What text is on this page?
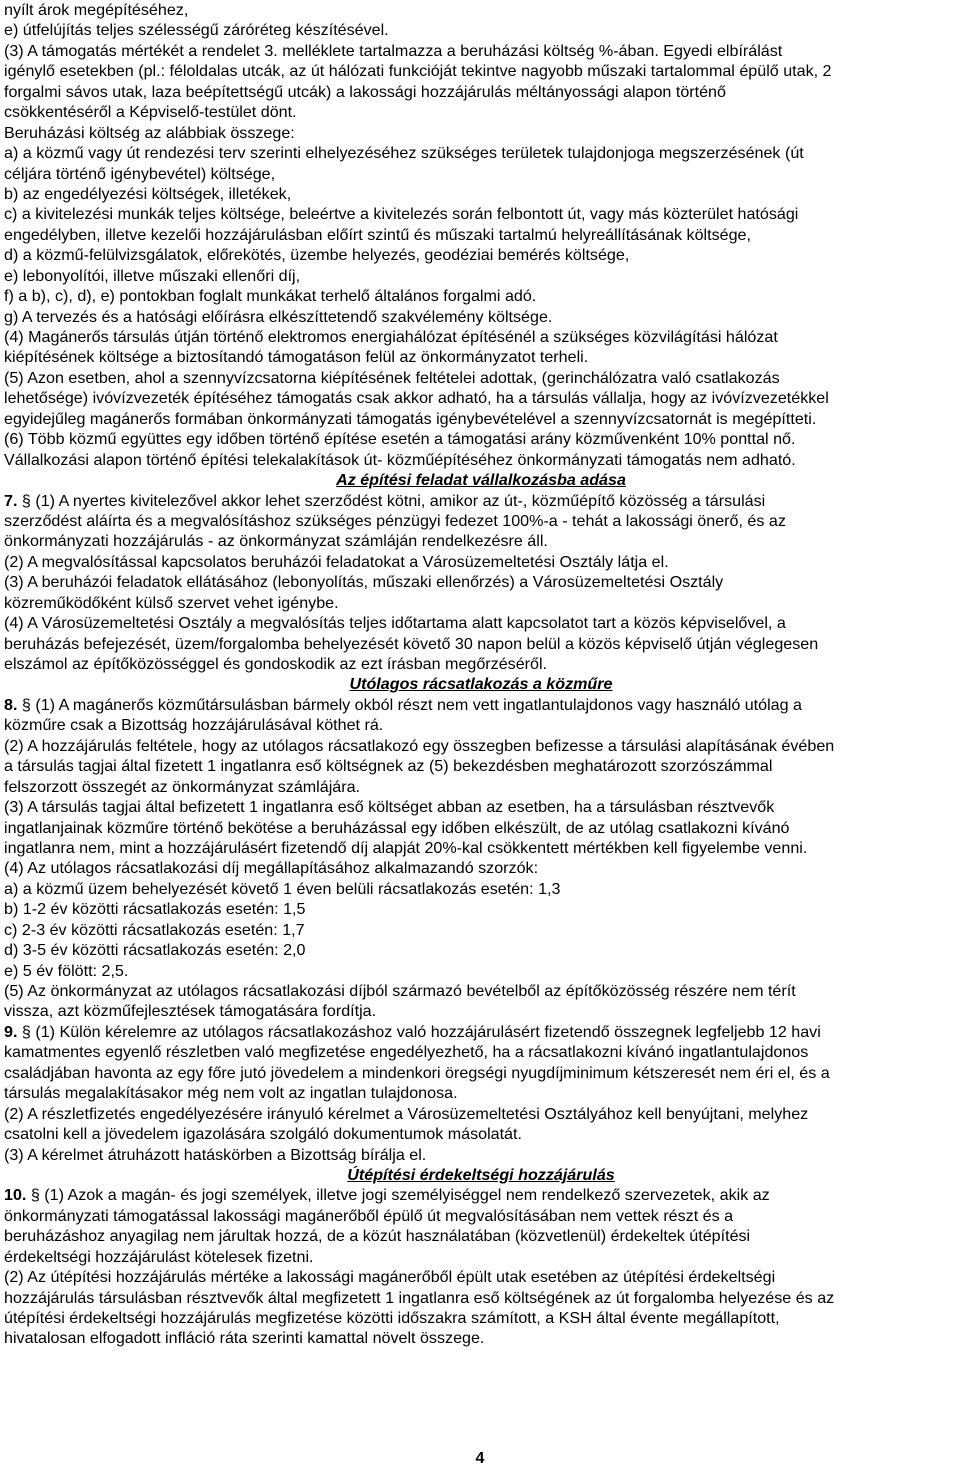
nyílt árok megépítéséhez,
e) útfelújítás teljes szélességű záróréteg készítésével.
(3) A támogatás mértékét a rendelet 3. melléklete tartalmazza a beruházási költség %-ában. Egyedi elbírálást
igénylő esetekben (pl.: féloldalas utcák, az út hálózati funkcióját tekintve nagyobb műszaki tartalommal épülő utak, 2
forgalmi sávos utak, laza beépítettségű utcák) a lakossági hozzájárulás méltányossági alapon történő
csökkentéséről a Képviselő-testület dönt.
Beruházási költség az alábbiak összege:
a) a közmű vagy út rendezési terv szerinti elhelyezéséhez szükséges területek tulajdonjoga megszerzésének (út
céljára történő igénybevétel) költsége,
b) az engedélyezési költségek, illetékek,
c) a kivitelezési munkák teljes költsége, beleértve a kivitelezés során felbontott út, vagy más közterület hatósági
engedélyben, illetve kezelői hozzájárulásban előírt szintű és műszaki tartalmú helyreállításának költsége,
d) a közmű-felülvizsgálatok, előrekötés, üzembe helyezés, geodéziai bemérés költsége,
e) lebonyolítói, illetve műszaki ellenőri díj,
f) a b), c), d), e) pontokban foglalt munkákat terhelő általános forgalmi adó.
g) A tervezés és a hatósági előírásra elkészíttetendő szakvélemény költsége.
(4) Magánerős társulás útján történő elektromos energiahálózat építésénél a szükséges közvilágítási hálózat
kiépítésének költsége a biztosítandó támogatáson felül az önkormányzatot terheli.
(5) Azon esetben, ahol a szennyvízcsatorna kiépítésének feltételei adottak, (gerinchálózatra való csatlakozás
lehetősége) ivóvízvezeték építéséhez támogatás csak akkor adható, ha a társulás vállalja, hogy az ivóvízvezetékkel
egyidejűleg magánerős formában önkormányzati támogatás igénybevételével a szennyvízcsatornát is megépítteti.
(6) Több közmű együttes egy időben történő építése esetén a támogatási arány közművenként 10% ponttal nő.
Vállalkozási alapon történő építési telekalakítások út- közműépítéséhez önkormányzati támogatás nem adható.
Az építési feladat vállalkozásba adása
7. § (1) A nyertes kivitelezővel akkor lehet szerződést kötni, amikor az út-, közműépítő közösség a társulási
szerződést aláírta és a megvalósításhoz szükséges pénzügyi fedezet 100%-a - tehát a lakossági önerő, és az
önkormányzati hozzájárulás - az önkormányzat számláján rendelkezésre áll.
(2) A megvalósítással kapcsolatos beruházói feladatokat a Városüzemeltetési Osztály látja el.
(3) A beruházói feladatok ellátásához (lebonyolítás, műszaki ellenőrzés) a Városüzemeltetési Osztály
közreműködőként külső szervet vehet igénybe.
(4) A Városüzemeltetési Osztály a megvalósítás teljes időtartama alatt kapcsolatot tart a közös képviselővel, a
beruházás befejezését, üzem/forgalomba behelyezését követő 30 napon belül a közös képviselő útján véglegesen
elszámol az építőközösséggel és gondoskodik az ezt írásban megőrzéséről.
Utólagos rácsatlakozás a közműre
8. § (1) A magánerős közműtársulásban bármely okból részt nem vett ingatlantulajdonos vagy használó utólag a
közműre csak a Bizottság hozzájárulásával köthet rá.
(2) A hozzájárulás feltétele, hogy az utólagos rácsatlakozó egy összegben befizesse a társulási alapításának évében
a társulás tagjai által fizetett 1 ingatlanra eső költségnek az (5) bekezdésben meghatározott szorzószámmal
felszorzott összegét az önkormányzat számlájára.
(3) A társulás tagjai által befizetett 1 ingatlanra eső költséget abban az esetben, ha a társulásban résztvevők
ingatlanjainak közműre történő bekötése a beruházással egy időben elkészült, de az utólag csatlakozni kívánó
ingatlanra nem, mint a hozzájárulásért fizetendő díj alapját 20%-kal csökkentett mértékben kell figyelembe venni.
(4) Az utólagos rácsatlakozási díj megállapításához alkalmazandó szorzók:
a) a közmű üzem behelyezését követő 1 éven belüli rácsatlakozás esetén: 1,3
b) 1-2 év közötti rácsatlakozás esetén: 1,5
c) 2-3 év közötti rácsatlakozás esetén: 1,7
d) 3-5 év közötti rácsatlakozás esetén: 2,0
e) 5 év fölött: 2,5.
(5) Az önkormányzat az utólagos rácsatlakozási díjból származó bevételből az építőközösség részére nem térít
vissza, azt közműfejlesztések támogatására fordítja.
9. § (1) Külön kérelemre az utólagos rácsatlakozáshoz való hozzájárulásért fizetendő összegnek legfeljebb 12 havi
kamatmentes egyenlő részletben való megfizetése engedélyezhető, ha a rácsatlakozni kívánó ingatlantulajdonos
családjában havonta az egy főre jutó jövedelem a mindenkori öregségi nyugdíjminimum kétszeresét nem éri el, és a
társulás megalakításakor még nem volt az ingatlan tulajdonosa.
(2) A részletfizetés engedélyezésére irányuló kérelmet a Városüzemeltetési Osztályához kell benyújtani, melyhez
csatolni kell a jövedelem igazolására szolgáló dokumentumok másolatát.
(3) A kérelmet átruházott hatáskörben a Bizottság bírálja el.
Útépítési érdekeltségi hozzájárulás
10. § (1) Azok a magán- és jogi személyek, illetve jogi személyiséggel nem rendelkező szervezetek, akik az
önkormányzati támogatással lakossági magánerőből épülő út megvalósításában nem vettek részt és a
beruházáshoz anyagilag nem járultak hozzá, de a közút használatában (közvetlenül) érdekeltek útépítési
érdekeltségi hozzájárulást kötelesek fizetni.
(2) Az útépítési hozzájárulás mértéke a lakossági magánerőből épült utak esetében az útépítési érdekeltségi
hozzájárulás társulásban résztvevők által megfizetett 1 ingatlanra eső költségének az út forgalomba helyezése és az
útépítési érdekeltségi hozzájárulás megfizetése közötti időszakra számított, a KSH által évente megállapított,
hivatalosan elfogadott infláció ráta szerinti kamattal növelt összege.
4
